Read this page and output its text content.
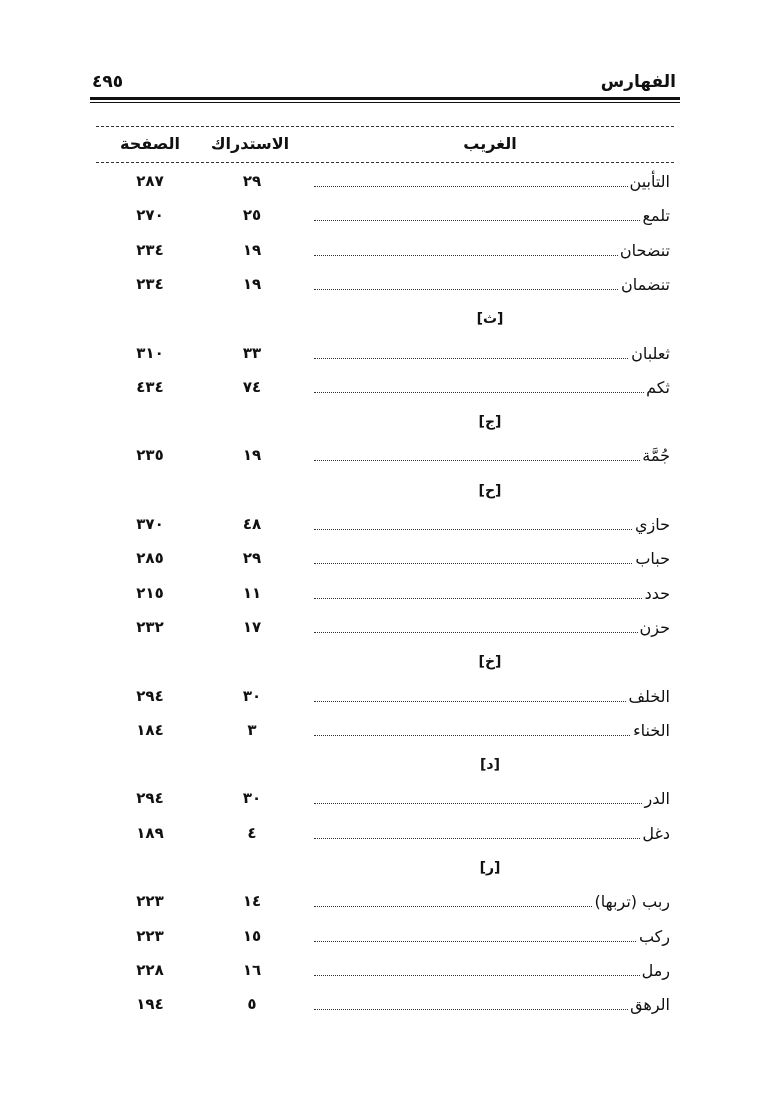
الفهارس
٤٩٥
الغريب
الاستدراك
الصفحة
التأبين
٢٩
٢٨٧
تلمع
٢٥
٢٧٠
تنضحان
١٩
٢٣٤
تنضمان
١٩
٢٣٤
[ث]
ثعلبان
٣٣
٣١٠
ثكم
٧٤
٤٣٤
[ج]
جُمَّة
١٩
٢٣٥
[ح]
حازي
٤٨
٣٧٠
حباب
٢٩
٢٨٥
حدد
١١
٢١٥
حزن
١٧
٢٣٢
[خ]
الخلف
٣٠
٢٩٤
الخناء
٣
١٨٤
[د]
الدر
٣٠
٢٩٤
دغل
٤
١٨٩
[ر]
ربب (تربها)
١٤
٢٢٣
ركب
١٥
٢٢٣
رمل
١٦
٢٢٨
الرهق
٥
١٩٤
